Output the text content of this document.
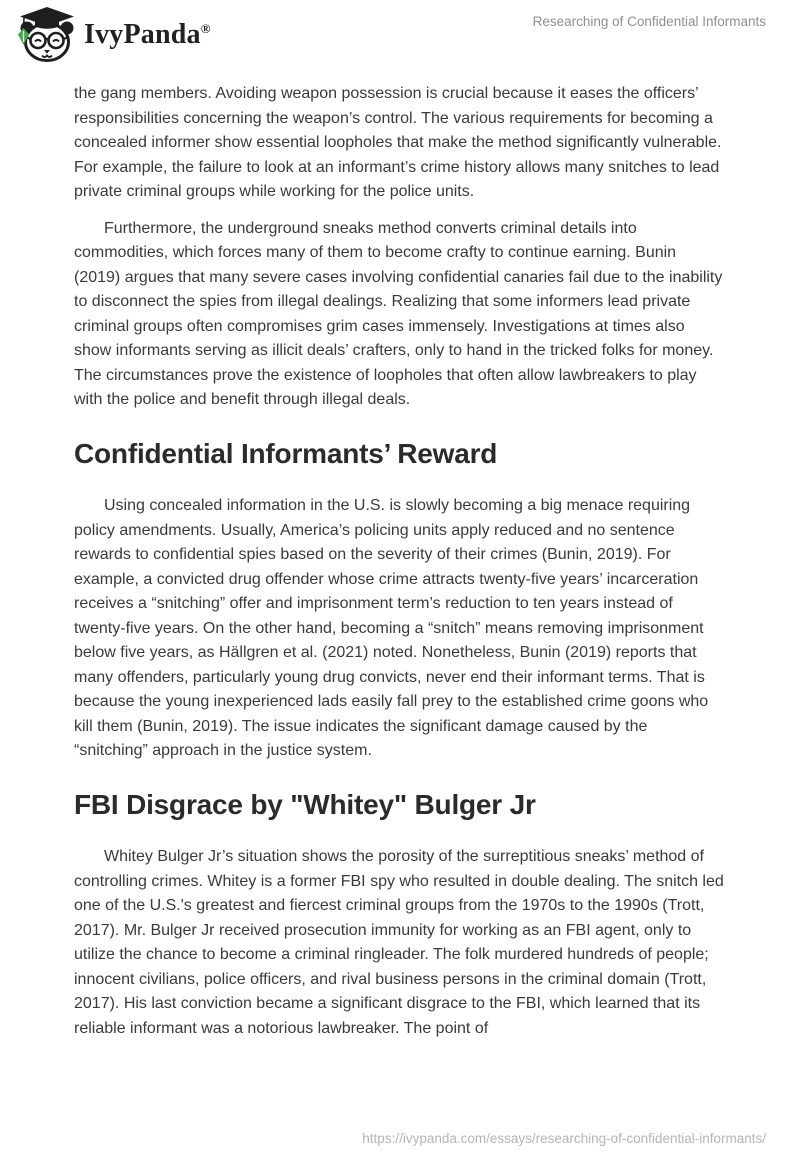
IvyPanda®	Researching of Confidential Informants

the gang members. Avoiding weapon possession is crucial because it eases the officers’ responsibilities concerning the weapon’s control. The various requirements for becoming a concealed informer show essential loopholes that make the method significantly vulnerable. For example, the failure to look at an informant’s crime history allows many snitches to lead private criminal groups while working for the police units.

Furthermore, the underground sneaks method converts criminal details into commodities, which forces many of them to become crafty to continue earning. Bunin (2019) argues that many severe cases involving confidential canaries fail due to the inability to disconnect the spies from illegal dealings. Realizing that some informers lead private criminal groups often compromises grim cases immensely. Investigations at times also show informants serving as illicit deals’ crafters, only to hand in the tricked folks for money. The circumstances prove the existence of loopholes that often allow lawbreakers to play with the police and benefit through illegal deals.

Confidential Informants’ Reward

Using concealed information in the U.S. is slowly becoming a big menace requiring policy amendments. Usually, America’s policing units apply reduced and no sentence rewards to confidential spies based on the severity of their crimes (Bunin, 2019). For example, a convicted drug offender whose crime attracts twenty-five years’ incarceration receives a “snitching” offer and imprisonment term’s reduction to ten years instead of twenty-five years. On the other hand, becoming a “snitch” means removing imprisonment below five years, as Hällgren et al. (2021) noted. Nonetheless, Bunin (2019) reports that many offenders, particularly young drug convicts, never end their informant terms. That is because the young inexperienced lads easily fall prey to the established crime goons who kill them (Bunin, 2019). The issue indicates the significant damage caused by the “snitching” approach in the justice system.

FBI Disgrace by "Whitey" Bulger Jr

Whitey Bulger Jr’s situation shows the porosity of the surreptitious sneaks’ method of controlling crimes. Whitey is a former FBI spy who resulted in double dealing. The snitch led one of the U.S.'s greatest and fiercest criminal groups from the 1970s to the 1990s (Trott, 2017). Mr. Bulger Jr received prosecution immunity for working as an FBI agent, only to utilize the chance to become a criminal ringleader. The folk murdered hundreds of people; innocent civilians, police officers, and rival business persons in the criminal domain (Trott, 2017). His last conviction became a significant disgrace to the FBI, which learned that its reliable informant was a notorious lawbreaker. The point of

https://ivypanda.com/essays/researching-of-confidential-informants/
